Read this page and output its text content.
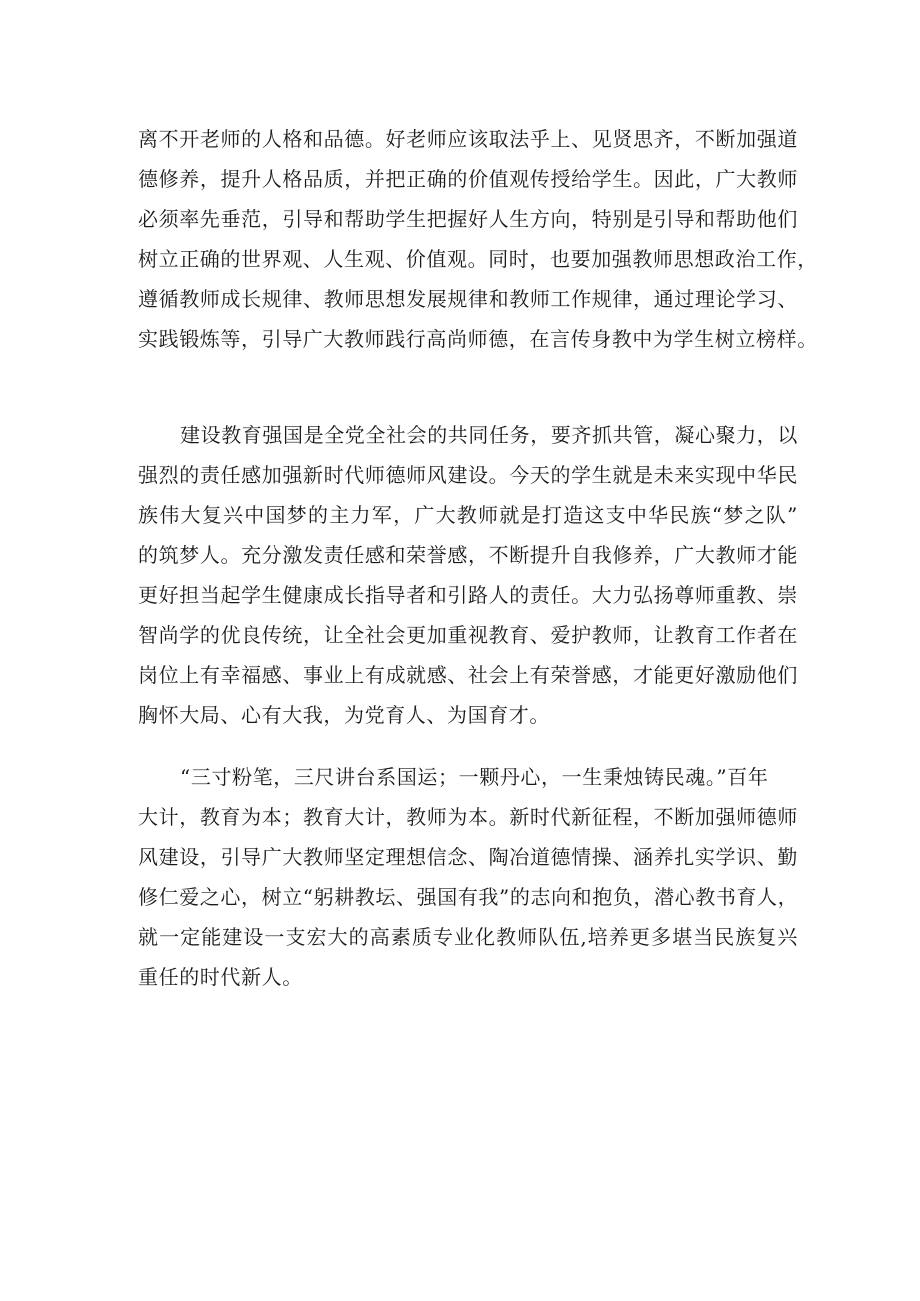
离不开老师的人格和品德。好老师应该取法乎上、见贤思齐，不断加强道
德修养，提升人格品质，并把正确的价值观传授给学生。因此，广大教师
必须率先垂范，引导和帮助学生把握好人生方向，特别是引导和帮助他们
树立正确的世界观、人生观、价值观。同时，也要加强教师思想政治工作，
遵循教师成长规律、教师思想发展规律和教师工作规律，通过理论学习、
实践锻炼等，引导广大教师践行高尚师德，在言传身教中为学生树立榜样。
建设教育强国是全党全社会的共同任务，要齐抓共管，凝心聚力，以
强烈的责任感加强新时代师德师风建设。今天的学生就是未来实现中华民
族伟大复兴中国梦的主力军，广大教师就是打造这支中华民族“梦之队”
的筑梦人。充分激发责任感和荣誉感，不断提升自我修养，广大教师才能
更好担当起学生健康成长指导者和引路人的责任。大力弘扬尊师重教、崇
智尚学的优良传统，让全社会更加重视教育、爱护教师，让教育工作者在
岗位上有幸福感、事业上有成就感、社会上有荣誉感，才能更好激励他们
胸怀大局、心有大我，为党育人、为国育才。
“三寸粉笔，三尺讲台系国运；一颗丹心，一生秉烛铸民魂。”百年
大计，教育为本；教育大计，教师为本。新时代新征程，不断加强师德师
风建设，引导广大教师坚定理想信念、陶冶道德情操、涵养扎实学识、勤
修仁爱之心，树立“躬耕教坛、强国有我”的志向和抱负，潜心教书育人，
就一定能建设一支宏大的高素质专业化教师队伍,培养更多堪当民族复兴
重任的时代新人。
